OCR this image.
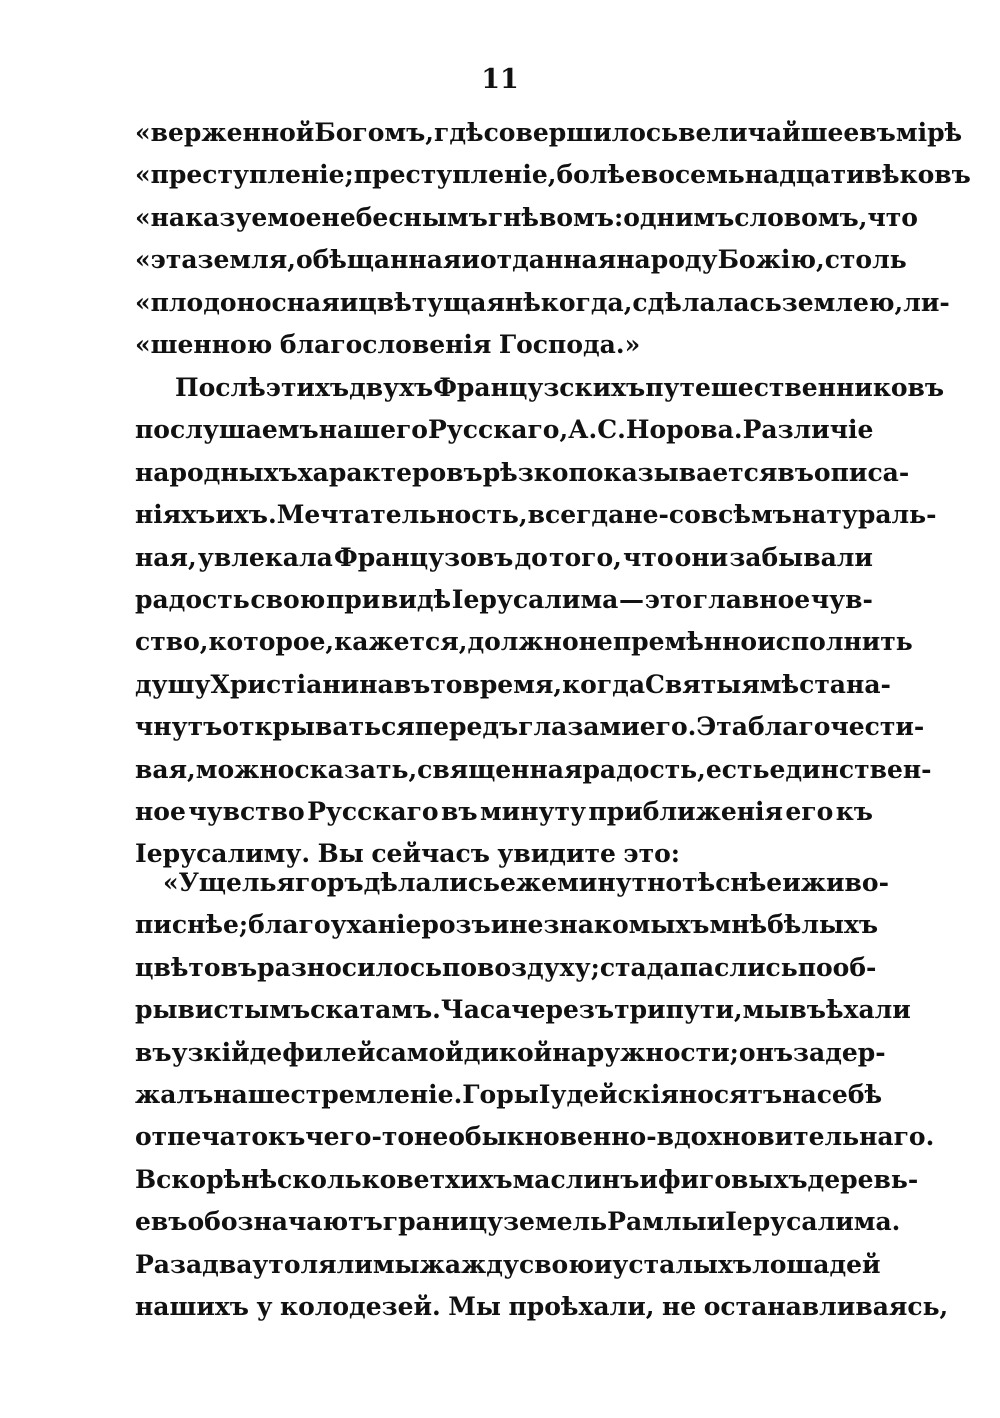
11
«верженной Богомъ, гдѣ совершилось величайшее въ мірѣ
«преступленіе; преступленіе, болѣе восемьнадцати вѣковъ
«наказуемое небеснымъ гнѣвомъ: однимъ словомъ, что
«эта земля, обѣщанная и отданная народу Божію, столь
«плодоносная и цвѣтущая нѣкогда, сдѣлалась землею, ли-
«шенною благословенія Господа.»
Послѣ этихъ двухъ Французскихъ путешественниковъ
послушаемъ нашего Русскаго, А. С. Норова. Различіе
народныхъ характеровъ рѣзко показывается въ описа-
ніяхъ ихъ. Мечтательность, всегда не-совсѣмъ натураль-
ная, увлекала Французовъ до того, что они забывали
радость свою при видѣ Іерусалима — это главное чув-
ство, которое, кажется, должно непремѣнно исполнить
душу Христіанина въ то время, когда Святыя мѣста на-
чнутъ открываться передъ глазами его. Эта благочести-
вая, можно сказать, священная радость, есть единствен-
ное чувство Русскаго въ минуту приближенія его къ
Іерусалиму. Вы сейчасъ увидите это:
«Ущелья горъ дѣлались ежеминутно тѣснѣе и живо-
писнѣе; благоуханіе розъ и незнакомыхъ мнѣ бѣлыхъ
цвѣтовъ разносилось по воздуху; стада паслись по об-
рывистымъ скатамъ. Часа черезъ три пути, мы въѣхали
въ узкій дефилей самой дикой наружности; онъ задер-
жалъ наше стремленіе. Горы Іудейскія носятъ на себѣ
отпечатокъ чего-то необыкновенно - вдохновительнаго.
Вскорѣ нѣсколько ветхихъ маслинъ и фиговыхъ деревь-
евъ обозначаютъ границу земель Рамлы и Іерусалима.
Раза два утоляли мы жажду свою и усталыхъ лошадей
нашихъ у колодезей. Мы проѣхали, не останавливаясь,
